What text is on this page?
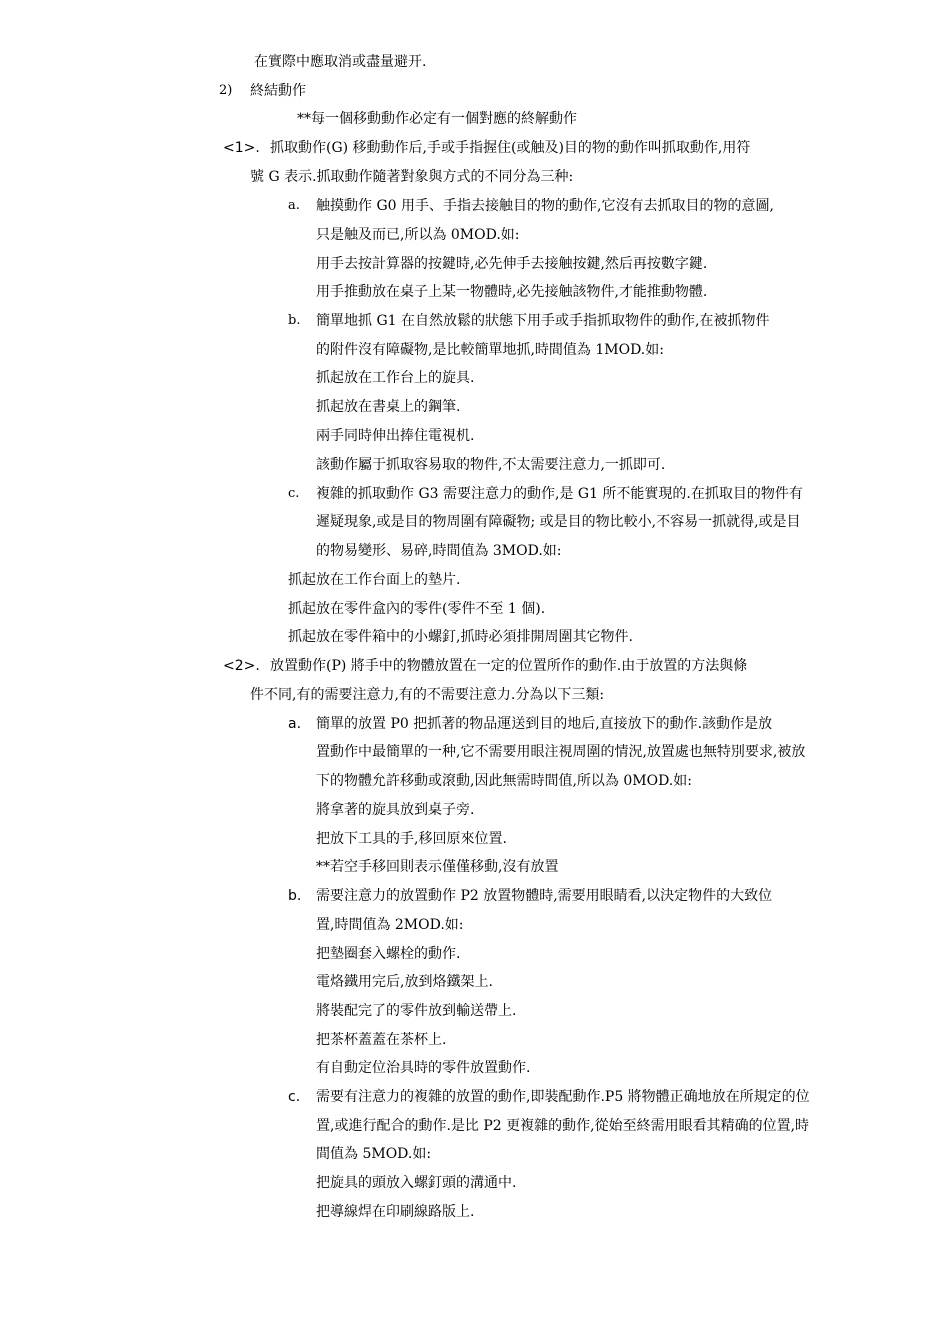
在實際中應取消或盡量避开.
2) 終結動作
**每一個移動動作必定有一個對應的終解動作
<1>. 抓取動作(G) 移動動作后,手或手指握住(或触及)目的物的動作叫抓取動作,用符
號 G 表示.抓取動作隨著對象與方式的不同分為三种:
a. 触摸動作 G0 用手、手指去接触目的物的動作,它沒有去抓取目的物的意圖,
只是触及而已,所以為 0MOD.如:
用手去按計算器的按鍵時,必先伸手去接触按鍵,然后再按數字鍵.
用手推動放在桌子上某一物體時,必先接触該物件,才能推動物體.
b. 簡單地抓 G1 在自然放鬆的狀態下用手或手指抓取物件的動作,在被抓物件
的附件沒有障礙物,是比較簡單地抓,時間值為 1MOD.如:
抓起放在工作台上的旋具.
抓起放在書桌上的鋼筆.
兩手同時伸出捧住電視机.
該動作屬于抓取容易取的物件,不太需要注意力,一抓即可.
c. 複雜的抓取動作 G3 需要注意力的動作,是 G1 所不能實現的.在抓取目的物件有
遲疑現象,或是目的物周圍有障礙物; 或是目的物比較小,不容易一抓就得,或是目
的物易變形、易碎,時間值為 3MOD.如:
抓起放在工作台面上的墊片.
抓起放在零件盒內的零件(零件不至 1 個).
抓起放在零件箱中的小螺釘,抓時必須排開周圍其它物件.
<2>. 放置動作(P) 將手中的物體放置在一定的位置所作的動作.由于放置的方法與條
件不同,有的需要注意力,有的不需要注意力.分為以下三類:
a. 簡單的放置 P0 把抓著的物品運送到目的地后,直接放下的動作.該動作是放
置動作中最簡單的一种,它不需要用眼注視周圍的情況,放置處也無特別要求,被放
下的物體允許移動或滾動,因此無需時間值,所以為 0MOD.如:
將拿著的旋具放到桌子旁.
把放下工具的手,移回原來位置.
**若空手移回則表示僅僅移動,沒有放置
b. 需要注意力的放置動作 P2 放置物體時,需要用眼睛看,以決定物件的大致位
置,時間值為 2MOD.如:
把墊圈套入螺栓的動作.
電烙鐵用完后,放到烙鐵架上.
將裝配完了的零件放到輸送帶上.
把茶杯蓋蓋在茶杯上.
有自動定位治具時的零件放置動作.
c. 需要有注意力的複雜的放置的動作,即裝配動作.P5 將物體正确地放在所規定的位
置,或進行配合的動作.是比 P2 更複雜的動作,從始至終需用眼看其精确的位置,時
間值為 5MOD.如:
把旋具的頭放入螺釘頭的溝通中.
把導線焊在印刷線路版上.
